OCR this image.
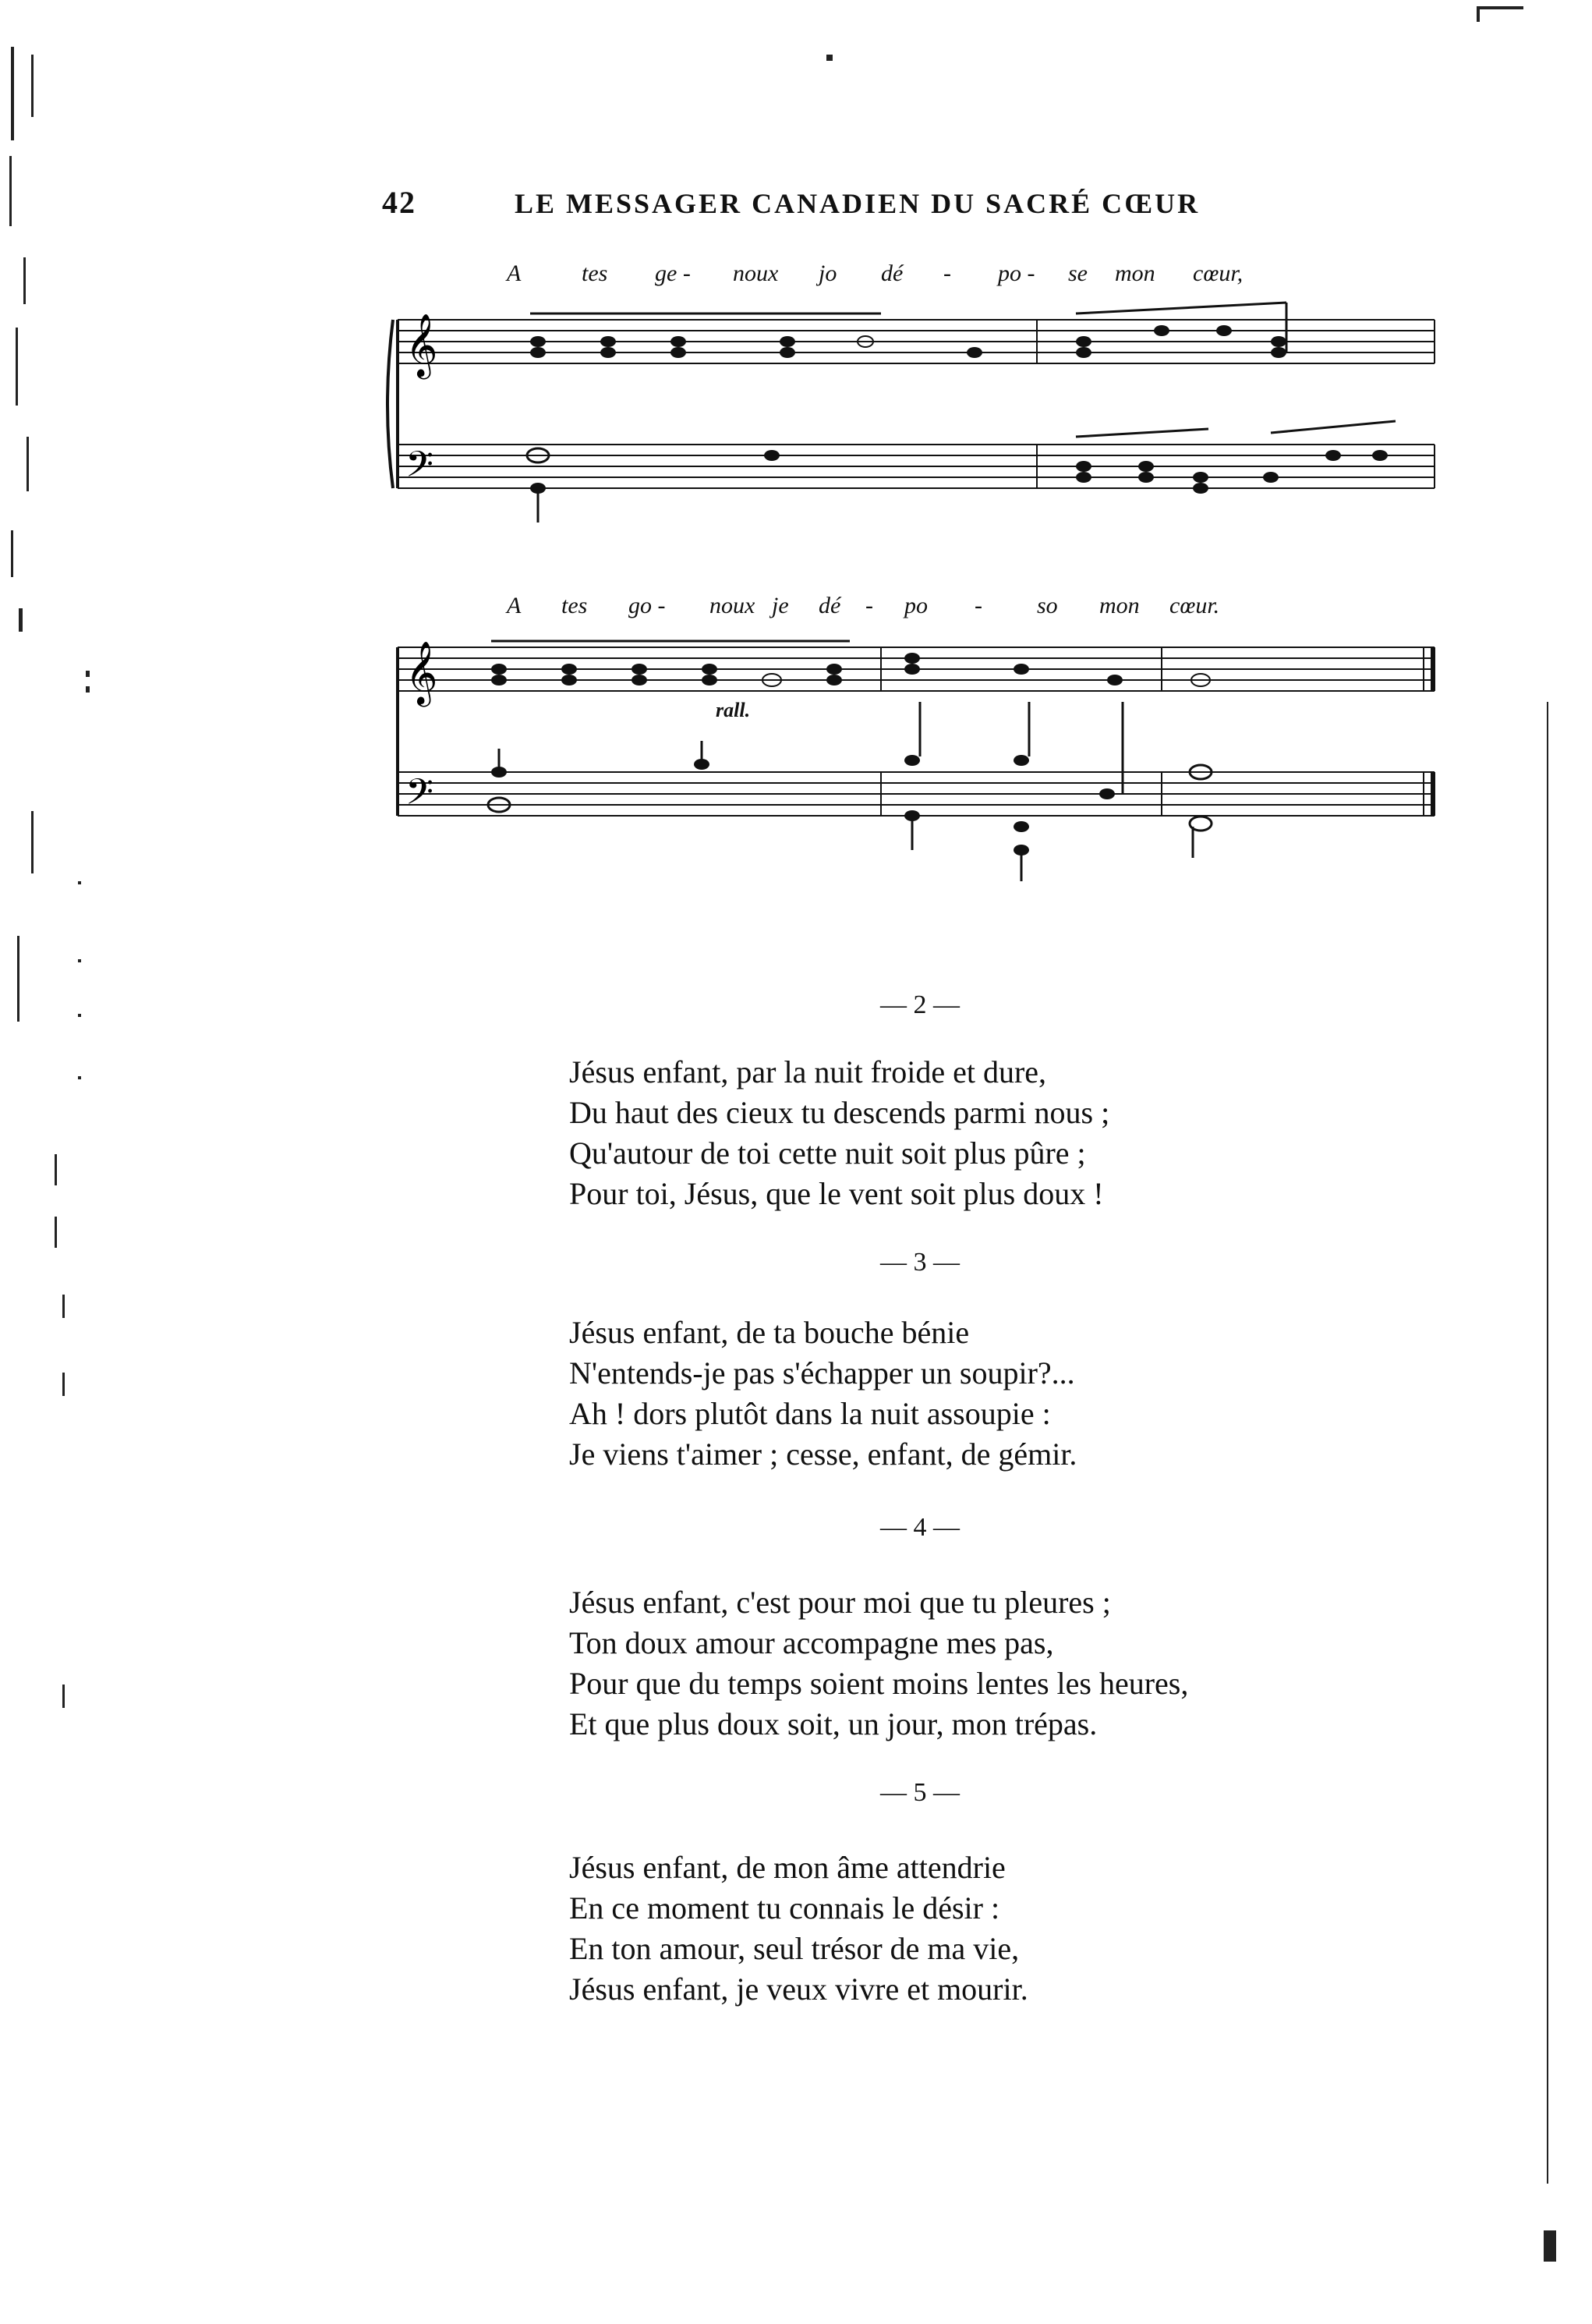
42	LE MESSAGER CANADIEN DU SACRÉ CŒUR
A	tes ge - noux jo dé - po - se mon cœur,
𝄞
𝄢
A tes go - noux je dé - po - so mon cœur.
𝄞
𝄢
rall.
— 2 —
Jésus enfant, par la nuit froide et dure,
Du haut des cieux tu descends parmi nous ;
Qu'autour de toi cette nuit soit plus pûre ;
Pour toi, Jésus, que le vent soit plus doux !
— 3 —
Jésus enfant, de ta bouche bénie
N'entends-je pas s'échapper un soupir?...
Ah ! dors plutôt dans la nuit assoupie :
Je viens t'aimer ; cesse, enfant, de gémir.
— 4 —
Jésus enfant, c'est pour moi que tu pleures ;
Ton doux amour accompagne mes pas,
Pour que du temps soient moins lentes les heures,
Et que plus doux soit, un jour, mon trépas.
— 5 —
Jésus enfant, de mon âme attendrie
En ce moment tu connais le désir :
En ton amour, seul trésor de ma vie,
Jésus enfant, je veux vivre et mourir.
